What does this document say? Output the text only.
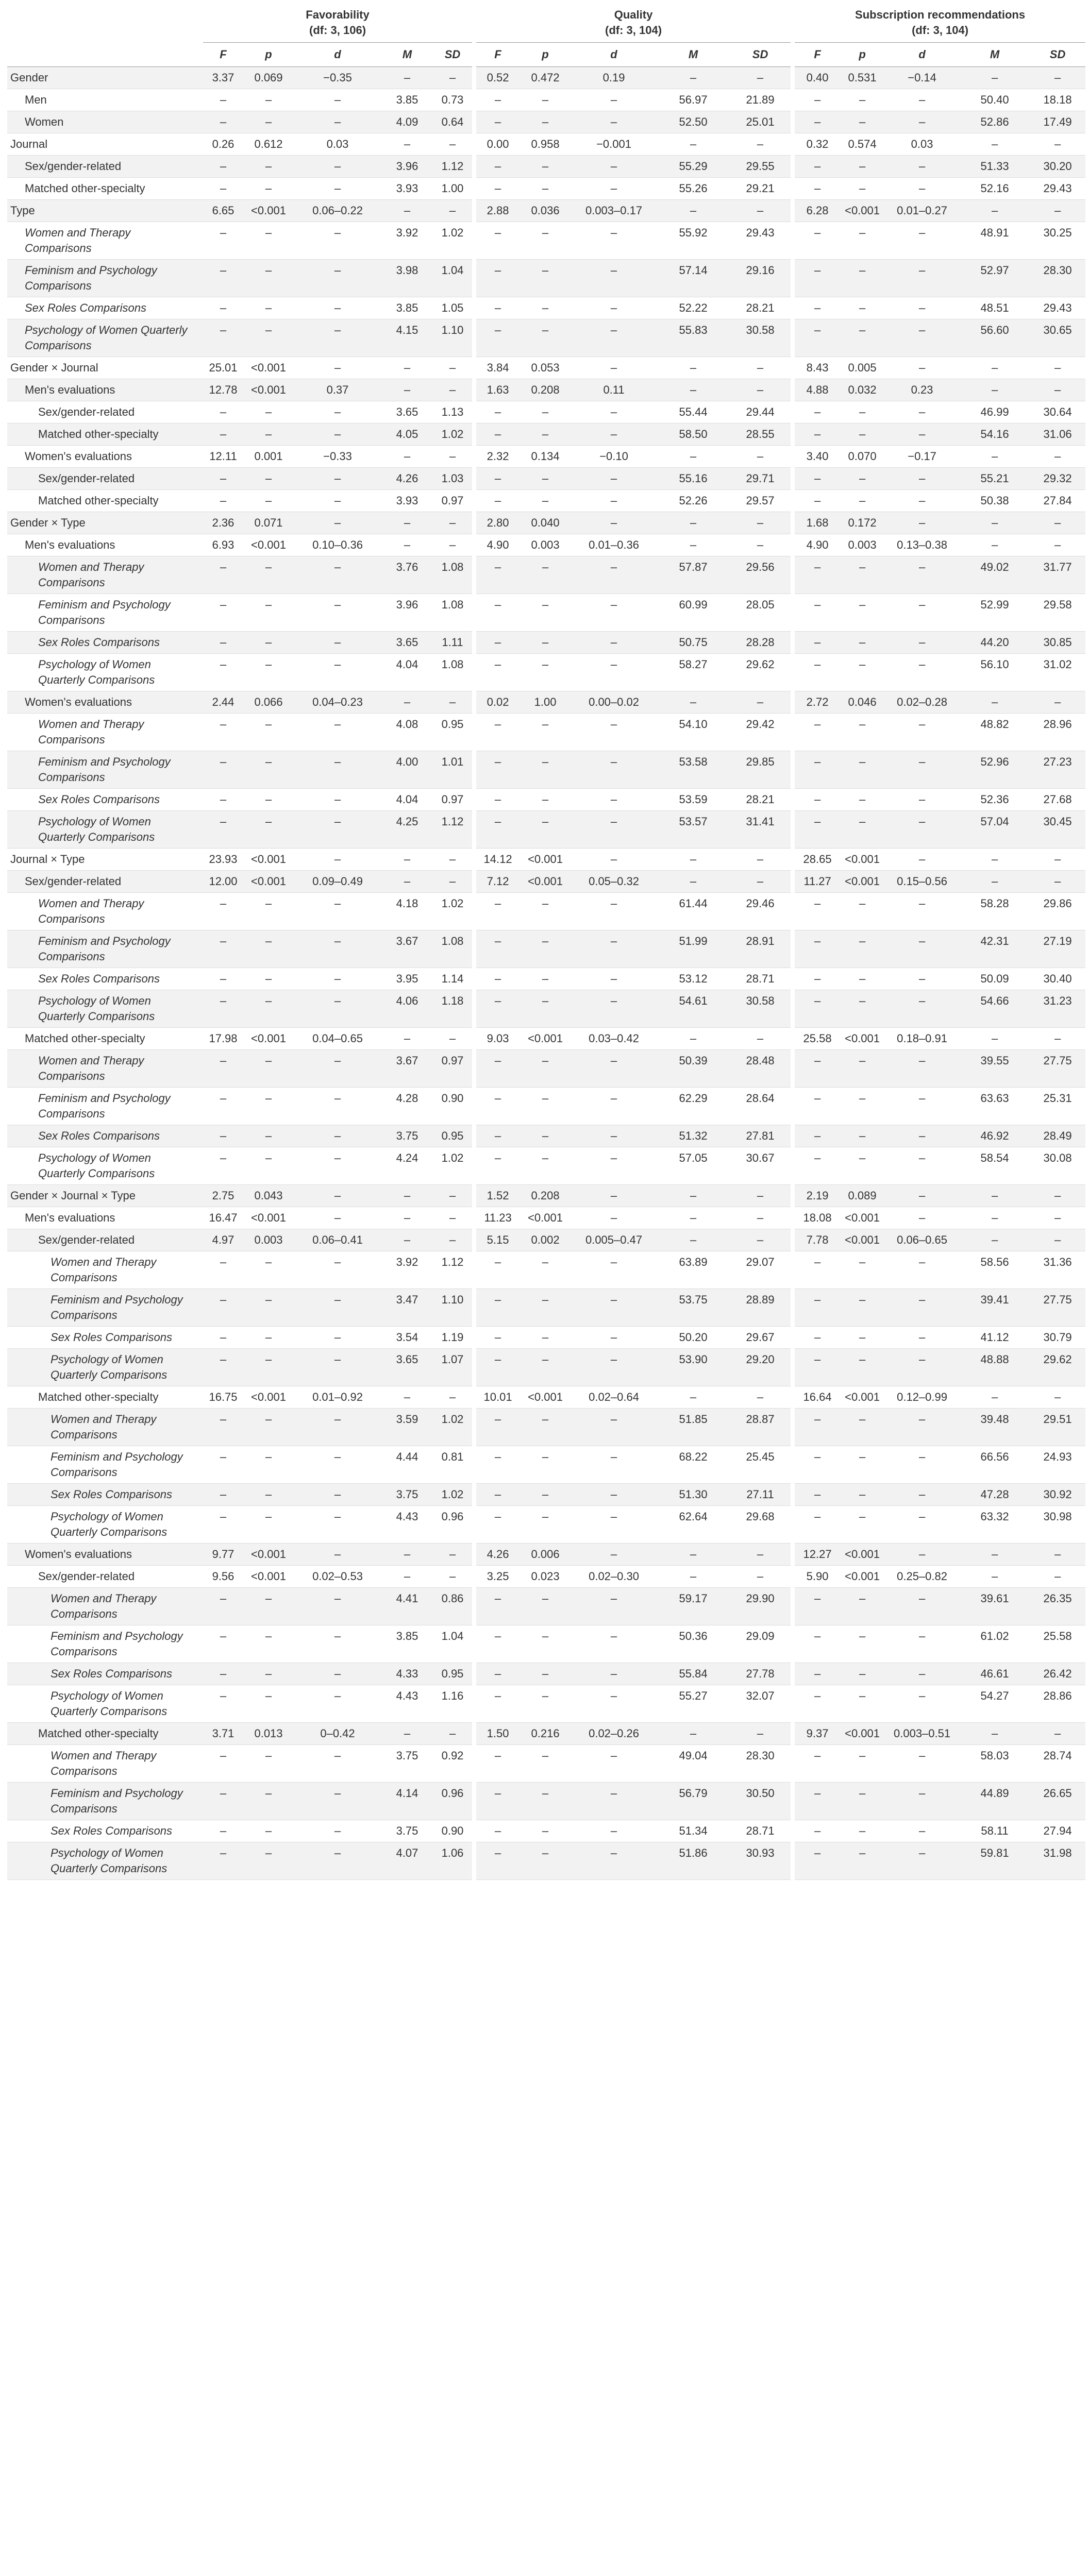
	Favorability
(df: 3, 106)					Quality
(df: 3, 104)					Subscription recommendations
(df: 3, 104)				

	F	p	d	M	SD	F	p	d	M	SD	F	p	d	M	SD
Gender	3.37	0.069	−0.35	–	–	0.52	0.472	0.19	–	–	0.40	0.531	−0.14	–	–
Men	–	–	–	3.85	0.73	–	–	–	56.97	21.89	–	–	–	50.40	18.18
Women	–	–	–	4.09	0.64	–	–	–	52.50	25.01	–	–	–	52.86	17.49
Journal	0.26	0.612	0.03	–	–	0.00	0.958	−0.001	–	–	0.32	0.574	0.03	–	–
Sex/gender-related	–	–	–	3.96	1.12	–	–	–	55.29	29.55	–	–	–	51.33	30.20
Matched other-specialty	–	–	–	3.93	1.00	–	–	–	55.26	29.21	–	–	–	52.16	29.43
Type	6.65	<0.001	0.06–0.22	–	–	2.88	0.036	0.003–0.17	–	–	6.28	<0.001	0.01–0.27	–	–
Women and Therapy Comparisons	–	–	–	3.92	1.02	–	–	–	55.92	29.43	–	–	–	48.91	30.25
Feminism and Psychology Comparisons	–	–	–	3.98	1.04	–	–	–	57.14	29.16	–	–	–	52.97	28.30
Sex Roles Comparisons	–	–	–	3.85	1.05	–	–	–	52.22	28.21	–	–	–	48.51	29.43
Psychology of Women Quarterly Comparisons	–	–	–	4.15	1.10	–	–	–	55.83	30.58	–	–	–	56.60	30.65
Gender × Journal	25.01	<0.001	–	–	–	3.84	0.053	–	–	–	8.43	0.005	–	–	–
Men's evaluations	12.78	<0.001	0.37	–	–	1.63	0.208	0.11	–	–	4.88	0.032	0.23	–	–
Sex/gender-related	–	–	–	3.65	1.13	–	–	–	55.44	29.44	–	–	–	46.99	30.64
Matched other-specialty	–	–	–	4.05	1.02	–	–	–	58.50	28.55	–	–	–	54.16	31.06
Women's evaluations	12.11	0.001	−0.33	–	–	2.32	0.134	−0.10	–	–	3.40	0.070	−0.17	–	–
Sex/gender-related	–	–	–	4.26	1.03	–	–	–	55.16	29.71	–	–	–	55.21	29.32
Matched other-specialty	–	–	–	3.93	0.97	–	–	–	52.26	29.57	–	–	–	50.38	27.84
Gender × Type	2.36	0.071	–	–	–	2.80	0.040	–	–	–	1.68	0.172	–	–	–
Men's evaluations	6.93	<0.001	0.10–0.36	–	–	4.90	0.003	0.01–0.36	–	–	4.90	0.003	0.13–0.38	–	–
Women and Therapy Comparisons	–	–	–	3.76	1.08	–	–	–	57.87	29.56	–	–	–	49.02	31.77
Feminism and Psychology Comparisons	–	–	–	3.96	1.08	–	–	–	60.99	28.05	–	–	–	52.99	29.58
Sex Roles Comparisons	–	–	–	3.65	1.11	–	–	–	50.75	28.28	–	–	–	44.20	30.85
Psychology of Women Quarterly Comparisons	–	–	–	4.04	1.08	–	–	–	58.27	29.62	–	–	–	56.10	31.02
Women's evaluations	2.44	0.066	0.04–0.23	–	–	0.02	1.00	0.00–0.02	–	–	2.72	0.046	0.02–0.28	–	–
Women and Therapy Comparisons	–	–	–	4.08	0.95	–	–	–	54.10	29.42	–	–	–	48.82	28.96
Feminism and Psychology Comparisons	–	–	–	4.00	1.01	–	–	–	53.58	29.85	–	–	–	52.96	27.23
Sex Roles Comparisons	–	–	–	4.04	0.97	–	–	–	53.59	28.21	–	–	–	52.36	27.68
Psychology of Women Quarterly Comparisons	–	–	–	4.25	1.12	–	–	–	53.57	31.41	–	–	–	57.04	30.45
Journal × Type	23.93	<0.001	–	–	–	14.12	<0.001	–	–	–	28.65	<0.001	–	–	–
Sex/gender-related	12.00	<0.001	0.09–0.49	–	–	7.12	<0.001	0.05–0.32	–	–	11.27	<0.001	0.15–0.56	–	–
Women and Therapy Comparisons	–	–	–	4.18	1.02	–	–	–	61.44	29.46	–	–	–	58.28	29.86
Feminism and Psychology Comparisons	–	–	–	3.67	1.08	–	–	–	51.99	28.91	–	–	–	42.31	27.19
Sex Roles Comparisons	–	–	–	3.95	1.14	–	–	–	53.12	28.71	–	–	–	50.09	30.40
Psychology of Women Quarterly Comparisons	–	–	–	4.06	1.18	–	–	–	54.61	30.58	–	–	–	54.66	31.23
Matched other-specialty	17.98	<0.001	0.04–0.65	–	–	9.03	<0.001	0.03–0.42	–	–	25.58	<0.001	0.18–0.91	–	–
Women and Therapy Comparisons	–	–	–	3.67	0.97	–	–	–	50.39	28.48	–	–	–	39.55	27.75
Feminism and Psychology Comparisons	–	–	–	4.28	0.90	–	–	–	62.29	28.64	–	–	–	63.63	25.31
Sex Roles Comparisons	–	–	–	3.75	0.95	–	–	–	51.32	27.81	–	–	–	46.92	28.49
Psychology of Women Quarterly Comparisons	–	–	–	4.24	1.02	–	–	–	57.05	30.67	–	–	–	58.54	30.08
Gender × Journal × Type	2.75	0.043	–	–	–	1.52	0.208	–	–	–	2.19	0.089	–	–	–
Men's evaluations	16.47	<0.001	–	–	–	11.23	<0.001	–	–	–	18.08	<0.001	–	–	–
Sex/gender-related	4.97	0.003	0.06–0.41	–	–	5.15	0.002	0.005–0.47	–	–	7.78	<0.001	0.06–0.65	–	–
Women and Therapy Comparisons	–	–	–	3.92	1.12	–	–	–	63.89	29.07	–	–	–	58.56	31.36
Feminism and Psychology Comparisons	–	–	–	3.47	1.10	–	–	–	53.75	28.89	–	–	–	39.41	27.75
Sex Roles Comparisons	–	–	–	3.54	1.19	–	–	–	50.20	29.67	–	–	–	41.12	30.79
Psychology of Women Quarterly Comparisons	–	–	–	3.65	1.07	–	–	–	53.90	29.20	–	–	–	48.88	29.62
Matched other-specialty	16.75	<0.001	0.01–0.92	–	–	10.01	<0.001	0.02–0.64	–	–	16.64	<0.001	0.12–0.99	–	–
Women and Therapy Comparisons	–	–	–	3.59	1.02	–	–	–	51.85	28.87	–	–	–	39.48	29.51
Feminism and Psychology Comparisons	–	–	–	4.44	0.81	–	–	–	68.22	25.45	–	–	–	66.56	24.93
Sex Roles Comparisons	–	–	–	3.75	1.02	–	–	–	51.30	27.11	–	–	–	47.28	30.92
Psychology of Women Quarterly Comparisons	–	–	–	4.43	0.96	–	–	–	62.64	29.68	–	–	–	63.32	30.98
Women's evaluations	9.77	<0.001	–	–	–	4.26	0.006	–	–	–	12.27	<0.001	–	–	–
Sex/gender-related	9.56	<0.001	0.02–0.53	–	–	3.25	0.023	0.02–0.30	–	–	5.90	<0.001	0.25–0.82	–	–
Women and Therapy Comparisons	–	–	–	4.41	0.86	–	–	–	59.17	29.90	–	–	–	39.61	26.35
Feminism and Psychology Comparisons	–	–	–	3.85	1.04	–	–	–	50.36	29.09	–	–	–	61.02	25.58
Sex Roles Comparisons	–	–	–	4.33	0.95	–	–	–	55.84	27.78	–	–	–	46.61	26.42
Psychology of Women Quarterly Comparisons	–	–	–	4.43	1.16	–	–	–	55.27	32.07	–	–	–	54.27	28.86
Matched other-specialty	3.71	0.013	0–0.42	–	–	1.50	0.216	0.02–0.26	–	–	9.37	<0.001	0.003–0.51	–	–
Women and Therapy Comparisons	–	–	–	3.75	0.92	–	–	–	49.04	28.30	–	–	–	58.03	28.74
Feminism and Psychology Comparisons	–	–	–	4.14	0.96	–	–	–	56.79	30.50	–	–	–	44.89	26.65
Sex Roles Comparisons	–	–	–	3.75	0.90	–	–	–	51.34	28.71	–	–	–	58.11	27.94
Psychology of Women Quarterly Comparisons	–	–	–	4.07	1.06	–	–	–	51.86	30.93	–	–	–	59.81	31.98
